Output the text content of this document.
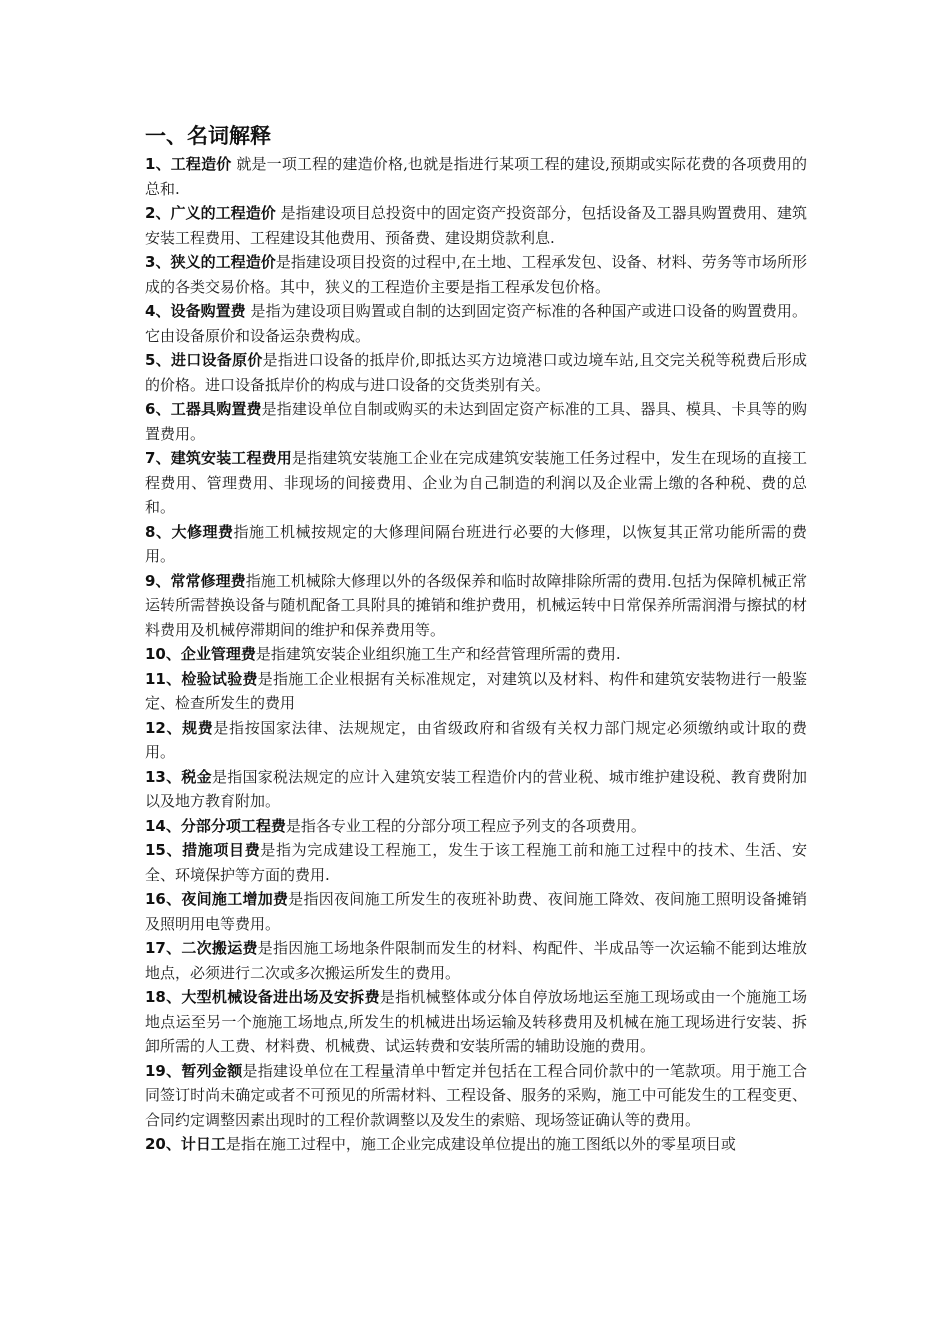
一、名词解释

1、工程造价 就是一项工程的建造价格,也就是指进行某项工程的建设,预期或实际花费的各项费用的总和.

2、广义的工程造价 是指建设项目总投资中的固定资产投资部分，包括设备及工器具购置费用、建筑安装工程费用、工程建设其他费用、预备费、建设期贷款利息.

3、狭义的工程造价是指建设项目投资的过程中,在土地、工程承发包、设备、材料、劳务等市场所形成的各类交易价格。其中，狭义的工程造价主要是指工程承发包价格。

4、设备购置费 是指为建设项目购置或自制的达到固定资产标准的各种国产或进口设备的购置费用。它由设备原价和设备运杂费构成。

5、进口设备原价是指进口设备的抵岸价,即抵达买方边境港口或边境车站,且交完关税等税费后形成的价格。进口设备抵岸价的构成与进口设备的交货类别有关。

6、工器具购置费是指建设单位自制或购买的未达到固定资产标准的工具、器具、模具、卡具等的购置费用。

7、建筑安装工程费用是指建筑安装施工企业在完成建筑安装施工任务过程中，发生在现场的直接工程费用、管理费用、非现场的间接费用、企业为自己制造的利润以及企业需上缴的各种税、费的总和。

8、大修理费指施工机械按规定的大修理间隔台班进行必要的大修理，以恢复其正常功能所需的费用。

9、常常修理费指施工机械除大修理以外的各级保养和临时故障排除所需的费用.包括为保障机械正常运转所需替换设备与随机配备工具附具的摊销和维护费用，机械运转中日常保养所需润滑与擦拭的材料费用及机械停滞期间的维护和保养费用等。

10、企业管理费是指建筑安装企业组织施工生产和经营管理所需的费用.

11、检验试验费是指施工企业根据有关标准规定，对建筑以及材料、构件和建筑安装物进行一般鉴定、检查所发生的费用

12、规费是指按国家法律、法规规定，由省级政府和省级有关权力部门规定必须缴纳或计取的费用。

13、税金是指国家税法规定的应计入建筑安装工程造价内的营业税、城市维护建设税、教育费附加以及地方教育附加。

14、分部分项工程费是指各专业工程的分部分项工程应予列支的各项费用。

15、措施项目费是指为完成建设工程施工，发生于该工程施工前和施工过程中的技术、生活、安全、环境保护等方面的费用.

16、夜间施工增加费是指因夜间施工所发生的夜班补助费、夜间施工降效、夜间施工照明设备摊销及照明用电等费用。

17、二次搬运费是指因施工场地条件限制而发生的材料、构配件、半成品等一次运输不能到达堆放地点，必须进行二次或多次搬运所发生的费用。

18、大型机械设备进出场及安拆费是指机械整体或分体自停放场地运至施工现场或由一个施施工场地点运至另一个施施工场地点,所发生的机械进出场运输及转移费用及机械在施工现场进行安装、拆卸所需的人工费、材料费、机械费、试运转费和安装所需的辅助设施的费用。

19、暂列金额是指建设单位在工程量清单中暂定并包括在工程合同价款中的一笔款项。用于施工合同签订时尚未确定或者不可预见的所需材料、工程设备、服务的采购，施工中可能发生的工程变更、合同约定调整因素出现时的工程价款调整以及发生的索赔、现场签证确认等的费用。

20、计日工是指在施工过程中，施工企业完成建设单位提出的施工图纸以外的零星项目或
